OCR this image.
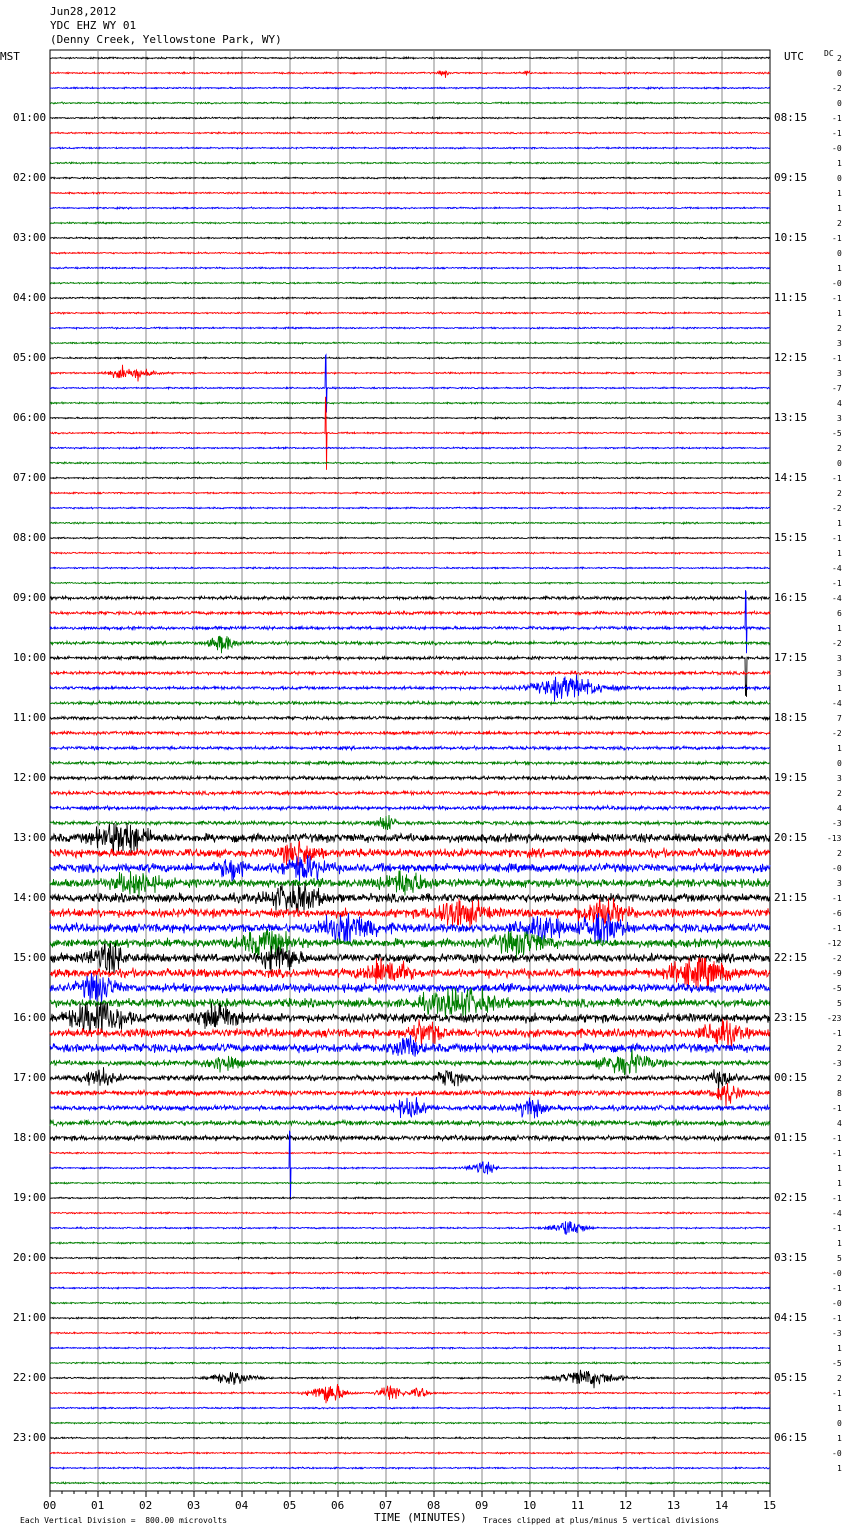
Jun28,2012
YDC EHZ WY 01
(Denny Creek, Yellowstone Park, WY)
MST	UTC	DC
00	01	02	03	04	05	06	07	08	09	10	11	12	13	14	15
01:00
02:00
03:00
04:00
05:00
06:00
07:00
08:00
09:00
10:00
11:00
12:00
13:00
14:00
15:00
16:00
17:00
18:00
19:00
20:00
21:00
22:00
23:00
08:15
09:15
10:15
11:15
12:15
13:15
14:15
15:15
16:15
17:15
18:15
19:15
20:15
21:15
22:15
23:15
00:15
01:15
02:15
03:15
04:15
05:15
06:15
2
0
-2
0
-1
-1
-0
1
0
1
1
2
-1
0
1
-0
-1
1
2
3
-1
3
-7
4
3
-5
2
0
-1
2
-2
1
-1
1
-4
-1
-4
6
1
-2
3
3
1
-4
7
-2
1
0
3
2
4
-3
-13
2
-0
3
-1
-6
-1
-12
-2
-9
-5
5
-23
-1
2
-3
2
8
-1
4
-1
-1
1
1
-1
-4
-1
1
5
-0
-1
-0
-1
-3
1
-5
2
-1
1
0
1
-0
1
TIME (MINUTES)
Each Vertical Division =  800.00 microvolts	Traces clipped at plus/minus 5 vertical divisions
